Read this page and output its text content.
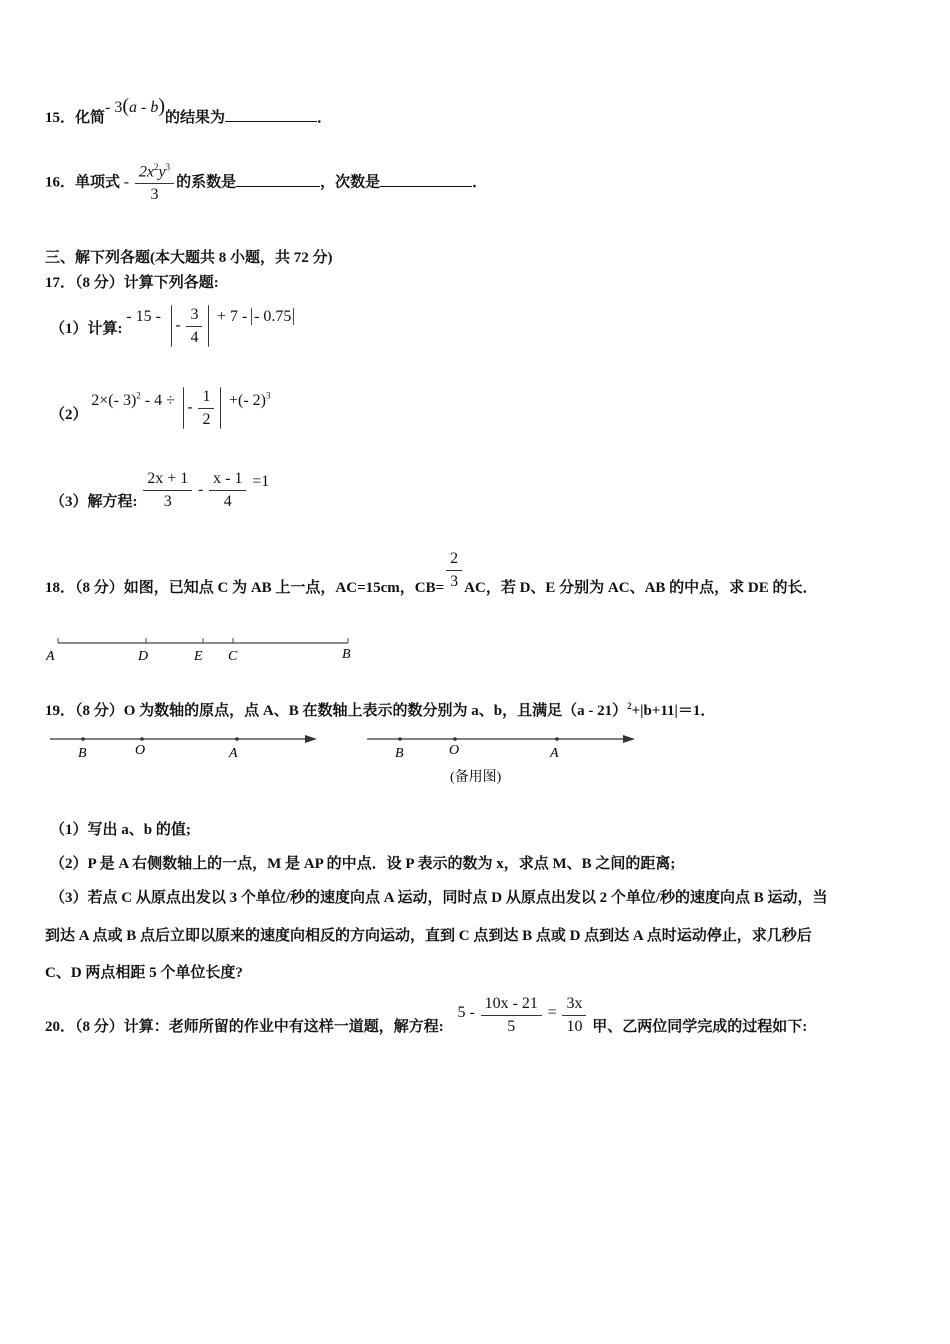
15．化简- 3(a - b)的结果为	．
16．单项式 - $\frac{2x^2y^3}{3}$ 的系数是	，次数是	．
三、解下列各题(本大题共 8 小题，共 72 分)
17．（8 分）计算下列各题:
（1）计算: - 15 - - $\frac{3}{4} + 7$ - - 0.75
（2） 2×(- 3)$^2$ - 4 ÷ - $\frac{1}{2}$ +(- 2)$^3$
（3）解方程: $\frac{2x + 1}{3} - \frac{x - 1}{4} =1$
18．（8 分）如图，已知点 C 为 AB 上一点，AC=15cm，$CB= \frac{2}{3}$ AC，若 D、E 分别为 AC、AB 的中点，求 DE 的长．
A	D	E C	B
19．（8 分）O 为数轴的原点，点 A、B 在数轴上表示的数分别为 a、b，且满足（a - 21）$^2$+|b+11|＝1．
B	O	A	B	O	A
(备用图)
（1）写出 a、b 的值;
（2）P 是 A 右侧数轴上的一点，M 是 AP 的中点．设 P 表示的数为 x，求点 M、B 之间的距离;
（3）若点 C 从原点出发以 3 个单位/秒的速度向点 A 运动，同时点 D 从原点出发以 2 个单位/秒的速度向点 B 运动，当
到达 A 点或 B 点后立即以原来的速度向相反的方向运动，直到 C 点到达 B 点或 D 点到达 A 点时运动停止，求几秒后
C、D 两点相距 5 个单位长度?
20．（8 分）计算：老师所留的作业中有这样一道题，解方程: $5 - \frac{10x - 21}{5} = \frac{3x}{10}$ 甲、乙两位同学完成的过程如下:
